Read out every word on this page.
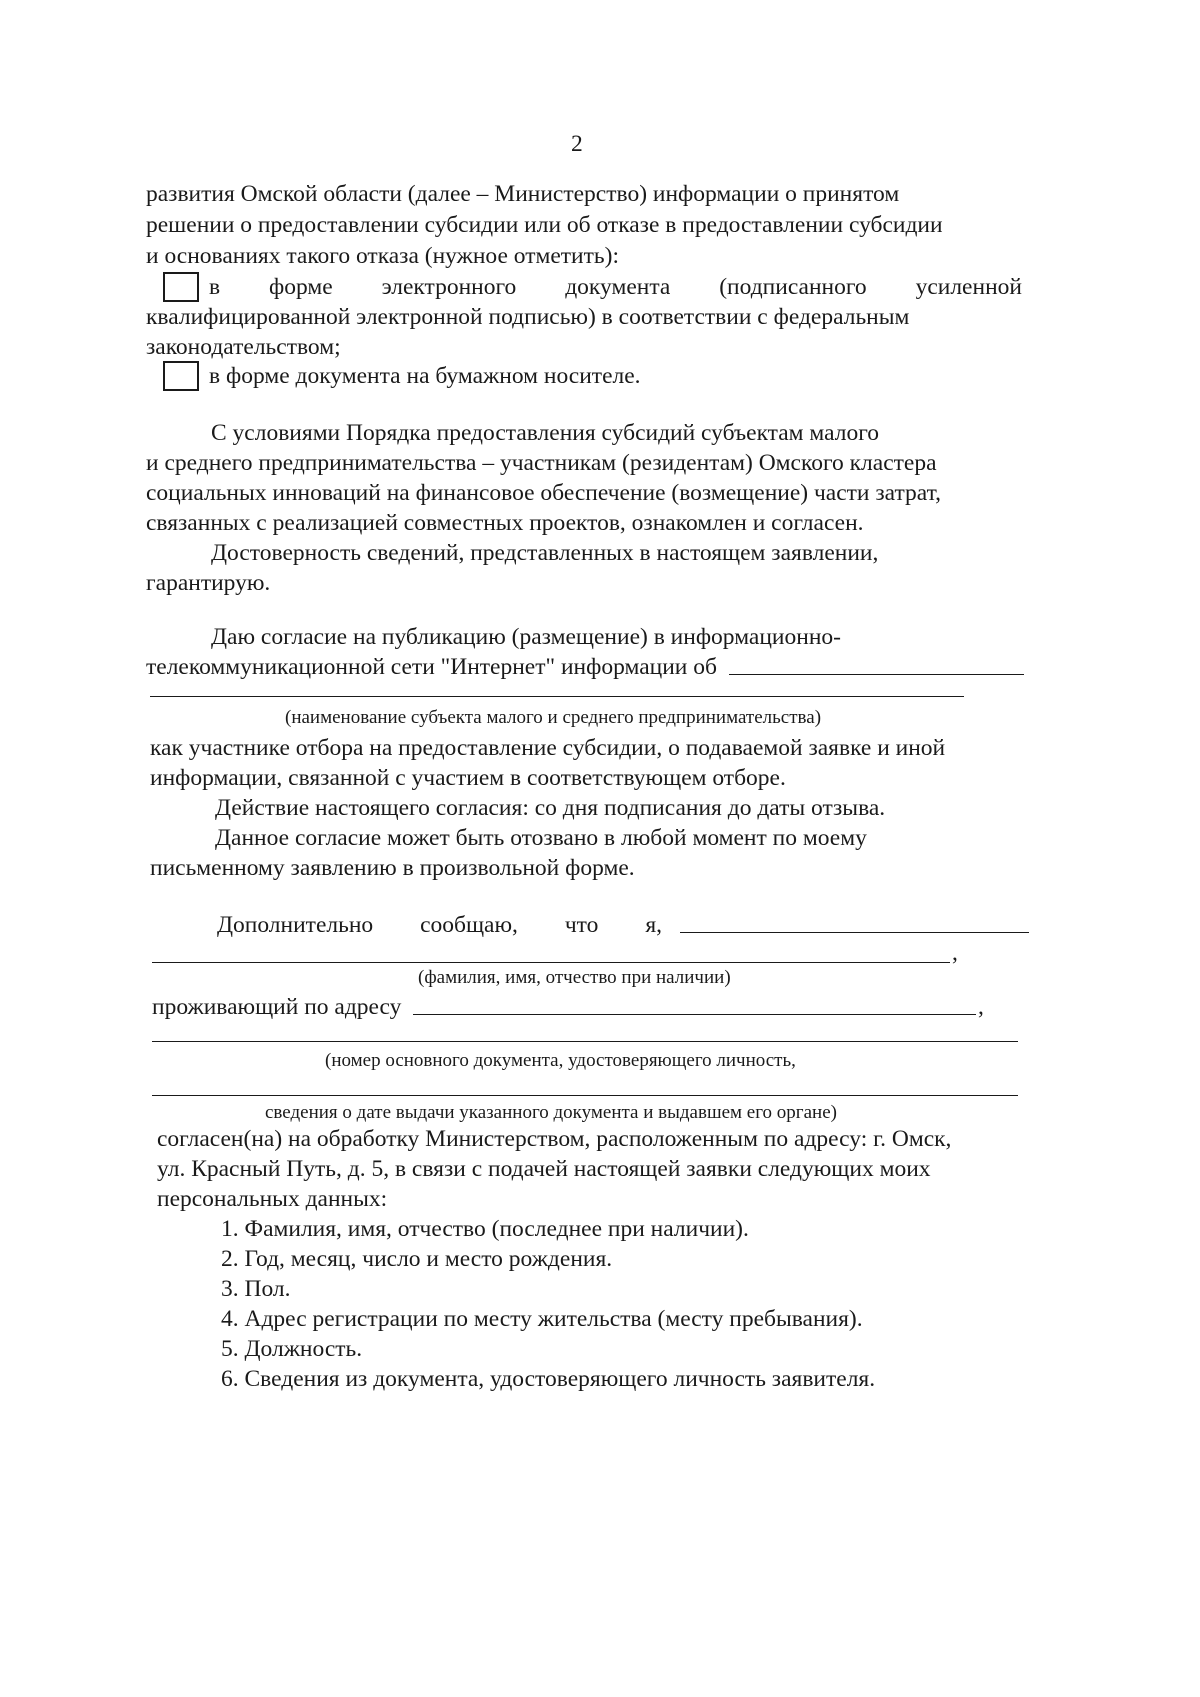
2
развития Омской области (далее – Министерство) информации о принятом
решении о предоставлении субсидии или об отказе в предоставлении субсидии
и основаниях такого отказа (нужное отметить):
в форме электронного документа (подписанного усиленной
квалифицированной электронной подписью) в соответствии с федеральным
законодательством;
в форме документа на бумажном носителе.
С условиями Порядка предоставления субсидий субъектам малого
и среднего предпринимательства – участникам (резидентам) Омского кластера
социальных инноваций на финансовое обеспечение (возмещение) части затрат,
связанных с реализацией совместных проектов, ознакомлен и согласен.
Достоверность сведений, представленных в настоящем заявлении,
гарантирую.
Даю согласие на публикацию (размещение) в информационно-
телекоммуникационной сети "Интернет" информации об
(наименование субъекта малого и среднего предпринимательства)
как участнике отбора на предоставление субсидии, о подаваемой заявке и иной
информации, связанной с участием в соответствующем отборе.
Действие настоящего согласия: со дня подписания до даты отзыва.
Данное согласие может быть отозвано в любой момент по моему
письменному заявлению в произвольной форме.
Дополнительно сообщаю, что я,
,
(фамилия, имя, отчество при наличии)
проживающий по адресу	,
(номер основного документа, удостоверяющего личность,
сведения о дате выдачи указанного документа и выдавшем его органе)
согласен(на) на обработку Министерством, расположенным по адресу: г. Омск,
ул. Красный Путь, д. 5, в связи с подачей настоящей заявки следующих моих
персональных данных:
1. Фамилия, имя, отчество (последнее при наличии).
2. Год, месяц, число и место рождения.
3. Пол.
4. Адрес регистрации по месту жительства (месту пребывания).
5. Должность.
6. Сведения из документа, удостоверяющего личность заявителя.
